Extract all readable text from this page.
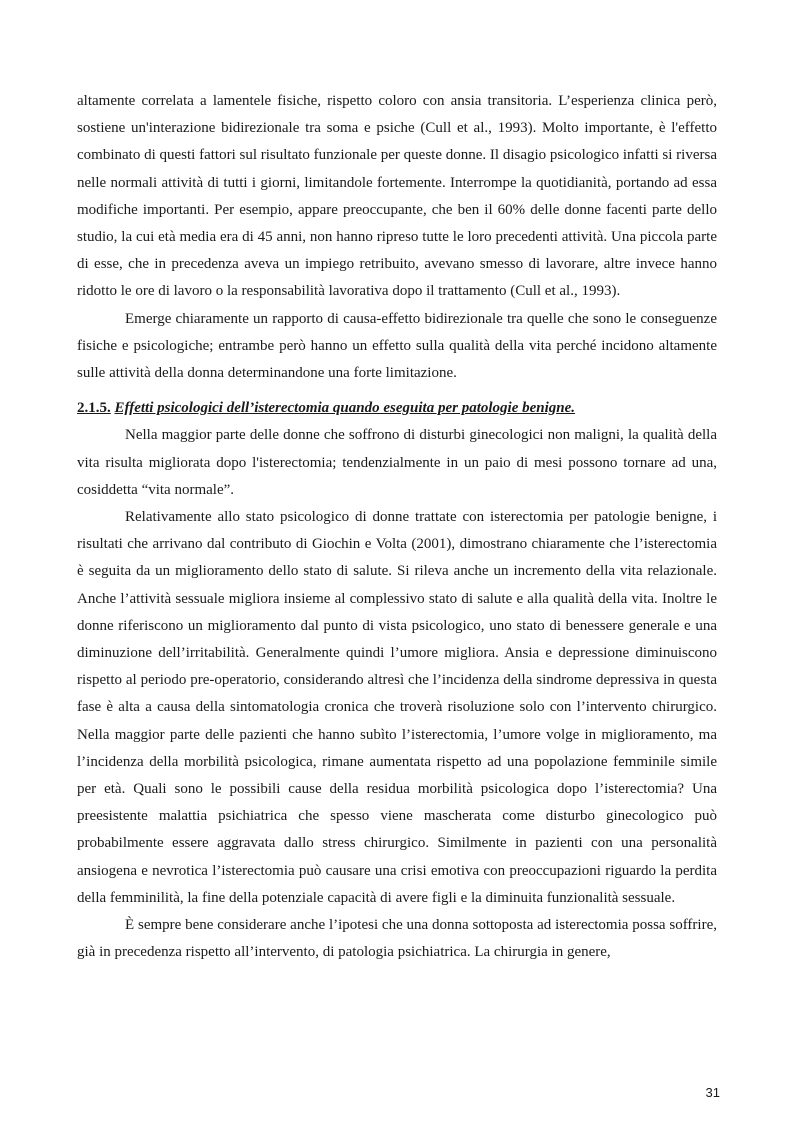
altamente correlata a lamentele fisiche, rispetto coloro con ansia transitoria. L’esperienza clinica però, sostiene un'interazione bidirezionale tra soma e psiche (Cull et al., 1993). Molto importante, è l'effetto combinato di questi fattori sul risultato funzionale per queste donne. Il disagio psicologico infatti si riversa nelle normali attività di tutti i giorni, limitandole fortemente. Interrompe la quotidianità, portando ad essa modifiche importanti. Per esempio, appare preoccupante, che ben il 60% delle donne facenti parte dello studio, la cui età media era di 45 anni, non hanno ripreso tutte le loro precedenti attività. Una piccola parte di esse, che in precedenza aveva un impiego retribuito, avevano smesso di lavorare, altre invece hanno ridotto le ore di lavoro o la responsabilità lavorativa dopo il trattamento (Cull et al., 1993).

Emerge chiaramente un rapporto di causa-effetto bidirezionale tra quelle che sono le conseguenze fisiche e psicologiche; entrambe però hanno un effetto sulla qualità della vita perché incidono altamente sulle attività della donna determinandone una forte limitazione.

2.1.5. Effetti psicologici dell’isterectomia quando eseguita per patologie benigne.

Nella maggior parte delle donne che soffrono di disturbi ginecologici non maligni, la qualità della vita risulta migliorata dopo l'isterectomia; tendenzialmente in un paio di mesi possono tornare ad una, cosiddetta “vita normale”.

Relativamente allo stato psicologico di donne trattate con isterectomia per patologie benigne, i risultati che arrivano dal contributo di Giochin e Volta (2001), dimostrano chiaramente che l’isterectomia è seguita da un miglioramento dello stato di salute. Si rileva anche un incremento della vita relazionale. Anche l’attività sessuale migliora insieme al complessivo stato di salute e alla qualità della vita. Inoltre le donne riferiscono un miglioramento dal punto di vista psicologico, uno stato di benessere generale e una diminuzione dell’irritabilità. Generalmente quindi l’umore migliora. Ansia e depressione diminuiscono rispetto al periodo pre-operatorio, considerando altresì che l’incidenza della sindrome depressiva in questa fase è alta a causa della sintomatologia cronica che troverà risoluzione solo con l’intervento chirurgico. Nella maggior parte delle pazienti che hanno subìto l’isterectomia, l’umore volge in miglioramento, ma l’incidenza della morbilità psicologica, rimane aumentata rispetto ad una popolazione femminile simile per età. Quali sono le possibili cause della residua morbilità psicologica dopo l’isterectomia? Una preesistente malattia psichiatrica che spesso viene mascherata come disturbo ginecologico può probabilmente essere aggravata dallo stress chirurgico. Similmente in pazienti con una personalità ansiogena e nevrotica l’isterectomia può causare una crisi emotiva con preoccupazioni riguardo la perdita della femminilità, la fine della potenziale capacità di avere figli e la diminuita funzionalità sessuale.

È sempre bene considerare anche l’ipotesi che una donna sottoposta ad isterectomia possa soffrire, già in precedenza rispetto all’intervento, di patologia psichiatrica. La chirurgia in genere,

31
